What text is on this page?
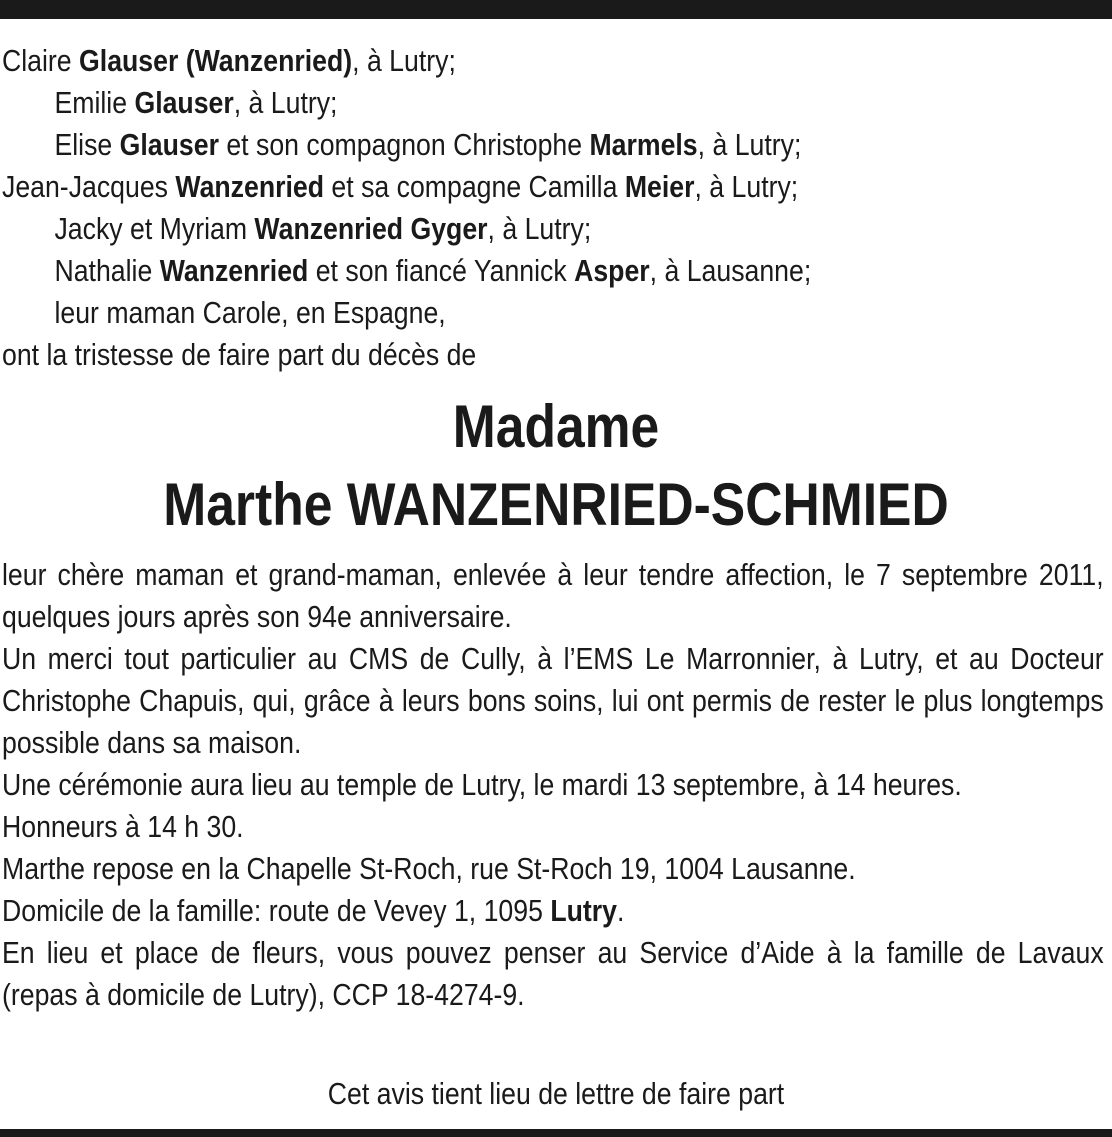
Claire Glauser (Wanzenried), à Lutry;
Emilie Glauser, à Lutry;
Elise Glauser et son compagnon Christophe Marmels, à Lutry;
Jean-Jacques Wanzenried et sa compagne Camilla Meier, à Lutry;
Jacky et Myriam Wanzenried Gyger, à Lutry;
Nathalie Wanzenried et son fiancé Yannick Asper, à Lausanne;
leur maman Carole, en Espagne,
ont la tristesse de faire part du décès de
Madame
Marthe WANZENRIED-SCHMIED

leur chère maman et grand-maman, enlevée à leur tendre affection, le 7 septembre 2011, quelques jours après son 94e anniversaire.

Un merci tout particulier au CMS de Cully, à l’EMS Le Marronnier, à Lutry, et au Docteur Christophe Chapuis, qui, grâce à leurs bons soins, lui ont permis de rester le plus longtemps possible dans sa maison.

Une cérémonie aura lieu au temple de Lutry, le mardi 13 septembre, à 14 heures.

Honneurs à 14 h 30.

Marthe repose en la Chapelle St-Roch, rue St-Roch 19, 1004 Lausanne.

Domicile de la famille: route de Vevey 1, 1095 Lutry.

En lieu et place de fleurs, vous pouvez penser au Service d’Aide à la famille de Lavaux (repas à domicile de Lutry), CCP 18-4274-9.

Cet avis tient lieu de lettre de faire part
